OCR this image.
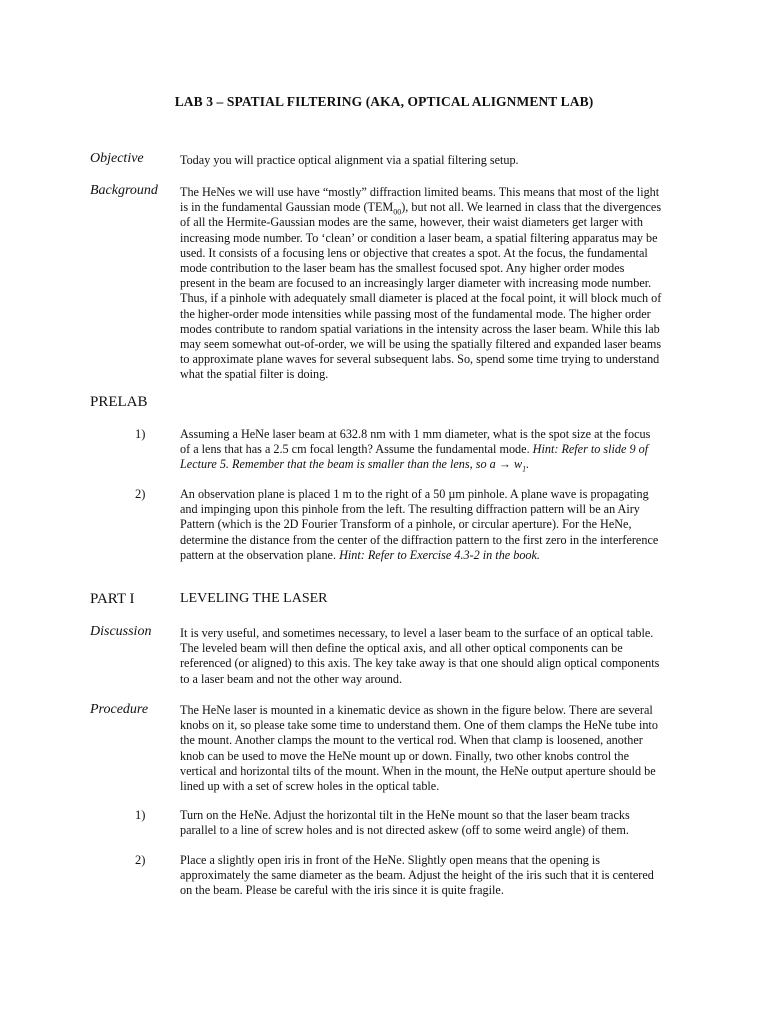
LAB 3 – SPATIAL FILTERING (AKA, OPTICAL ALIGNMENT LAB)
Objective	Today you will practice optical alignment via a spatial filtering setup.
Background The HeNes we will use have “mostly” diffraction limited beams. This means that most of the light
is in the fundamental Gaussian mode $(TEM_{00})$, but not all. We learned in class that the divergences
of all the Hermite-Gaussian modes are the same, however, their waist diameters get larger with
increasing mode number. To ‘clean’ or condition a laser beam, a spatial filtering apparatus may be
used. It consists of a focusing lens or objective that creates a spot. At the focus, the fundamental
mode contribution to the laser beam has the smallest focused spot. Any higher order modes
present in the beam are focused to an increasingly larger diameter with increasing mode number.
Thus, if a pinhole with adequately small diameter is placed at the focal point, it will block much of
the higher-order mode intensities while passing most of the fundamental mode. The higher order
modes contribute to random spatial variations in the intensity across the laser beam. While this lab
may seem somewhat out-of-order, we will be using the spatially filtered and expanded laser beams
to approximate plane waves for several subsequent labs. So, spend some time trying to understand
what the spatial filter is doing.
PRELAB
1)	Assuming a HeNe laser beam at 632.8 nm with 1 mm diameter, what is the spot size at the focus
of a lens that has a 2.5 cm focal length? Assume the fundamental mode. Hint: Refer to slide 9 of
Lecture 5. Remember that the beam is smaller than the lens, so $a \to w_1$.
2)	An observation plane is placed 1 m to the right of a 50 µm pinhole. A plane wave is propagating
and impinging upon this pinhole from the left. The resulting diffraction pattern will be an Airy
Pattern (which is the 2D Fourier Transform of a pinhole, or circular aperture). For the HeNe,
determine the distance from the center of the diffraction pattern to the first zero in the interference
pattern at the observation plane. Hint: Refer to Exercise 4.3-2 in the book.
PART I	LEVELING THE LASER
Discussion It is very useful, and sometimes necessary, to level a laser beam to the surface of an optical table.
The leveled beam will then define the optical axis, and all other optical components can be
referenced (or aligned) to this axis. The key take away is that one should align optical components
to a laser beam and not the other way around.
Procedure	The HeNe laser is mounted in a kinematic device as shown in the figure below. There are several
knobs on it, so please take some time to understand them. One of them clamps the HeNe tube into
the mount. Another clamps the mount to the vertical rod. When that clamp is loosened, another
knob can be used to move the HeNe mount up or down. Finally, two other knobs control the
vertical and horizontal tilts of the mount. When in the mount, the HeNe output aperture should be
lined up with a set of screw holes in the optical table.
1)	Turn on the HeNe. Adjust the horizontal tilt in the HeNe mount so that the laser beam tracks
parallel to a line of screw holes and is not directed askew (off to some weird angle) of them.
2)	Place a slightly open iris in front of the HeNe. Slightly open means that the opening is
approximately the same diameter as the beam. Adjust the height of the iris such that it is centered
on the beam. Please be careful with the iris since it is quite fragile.
